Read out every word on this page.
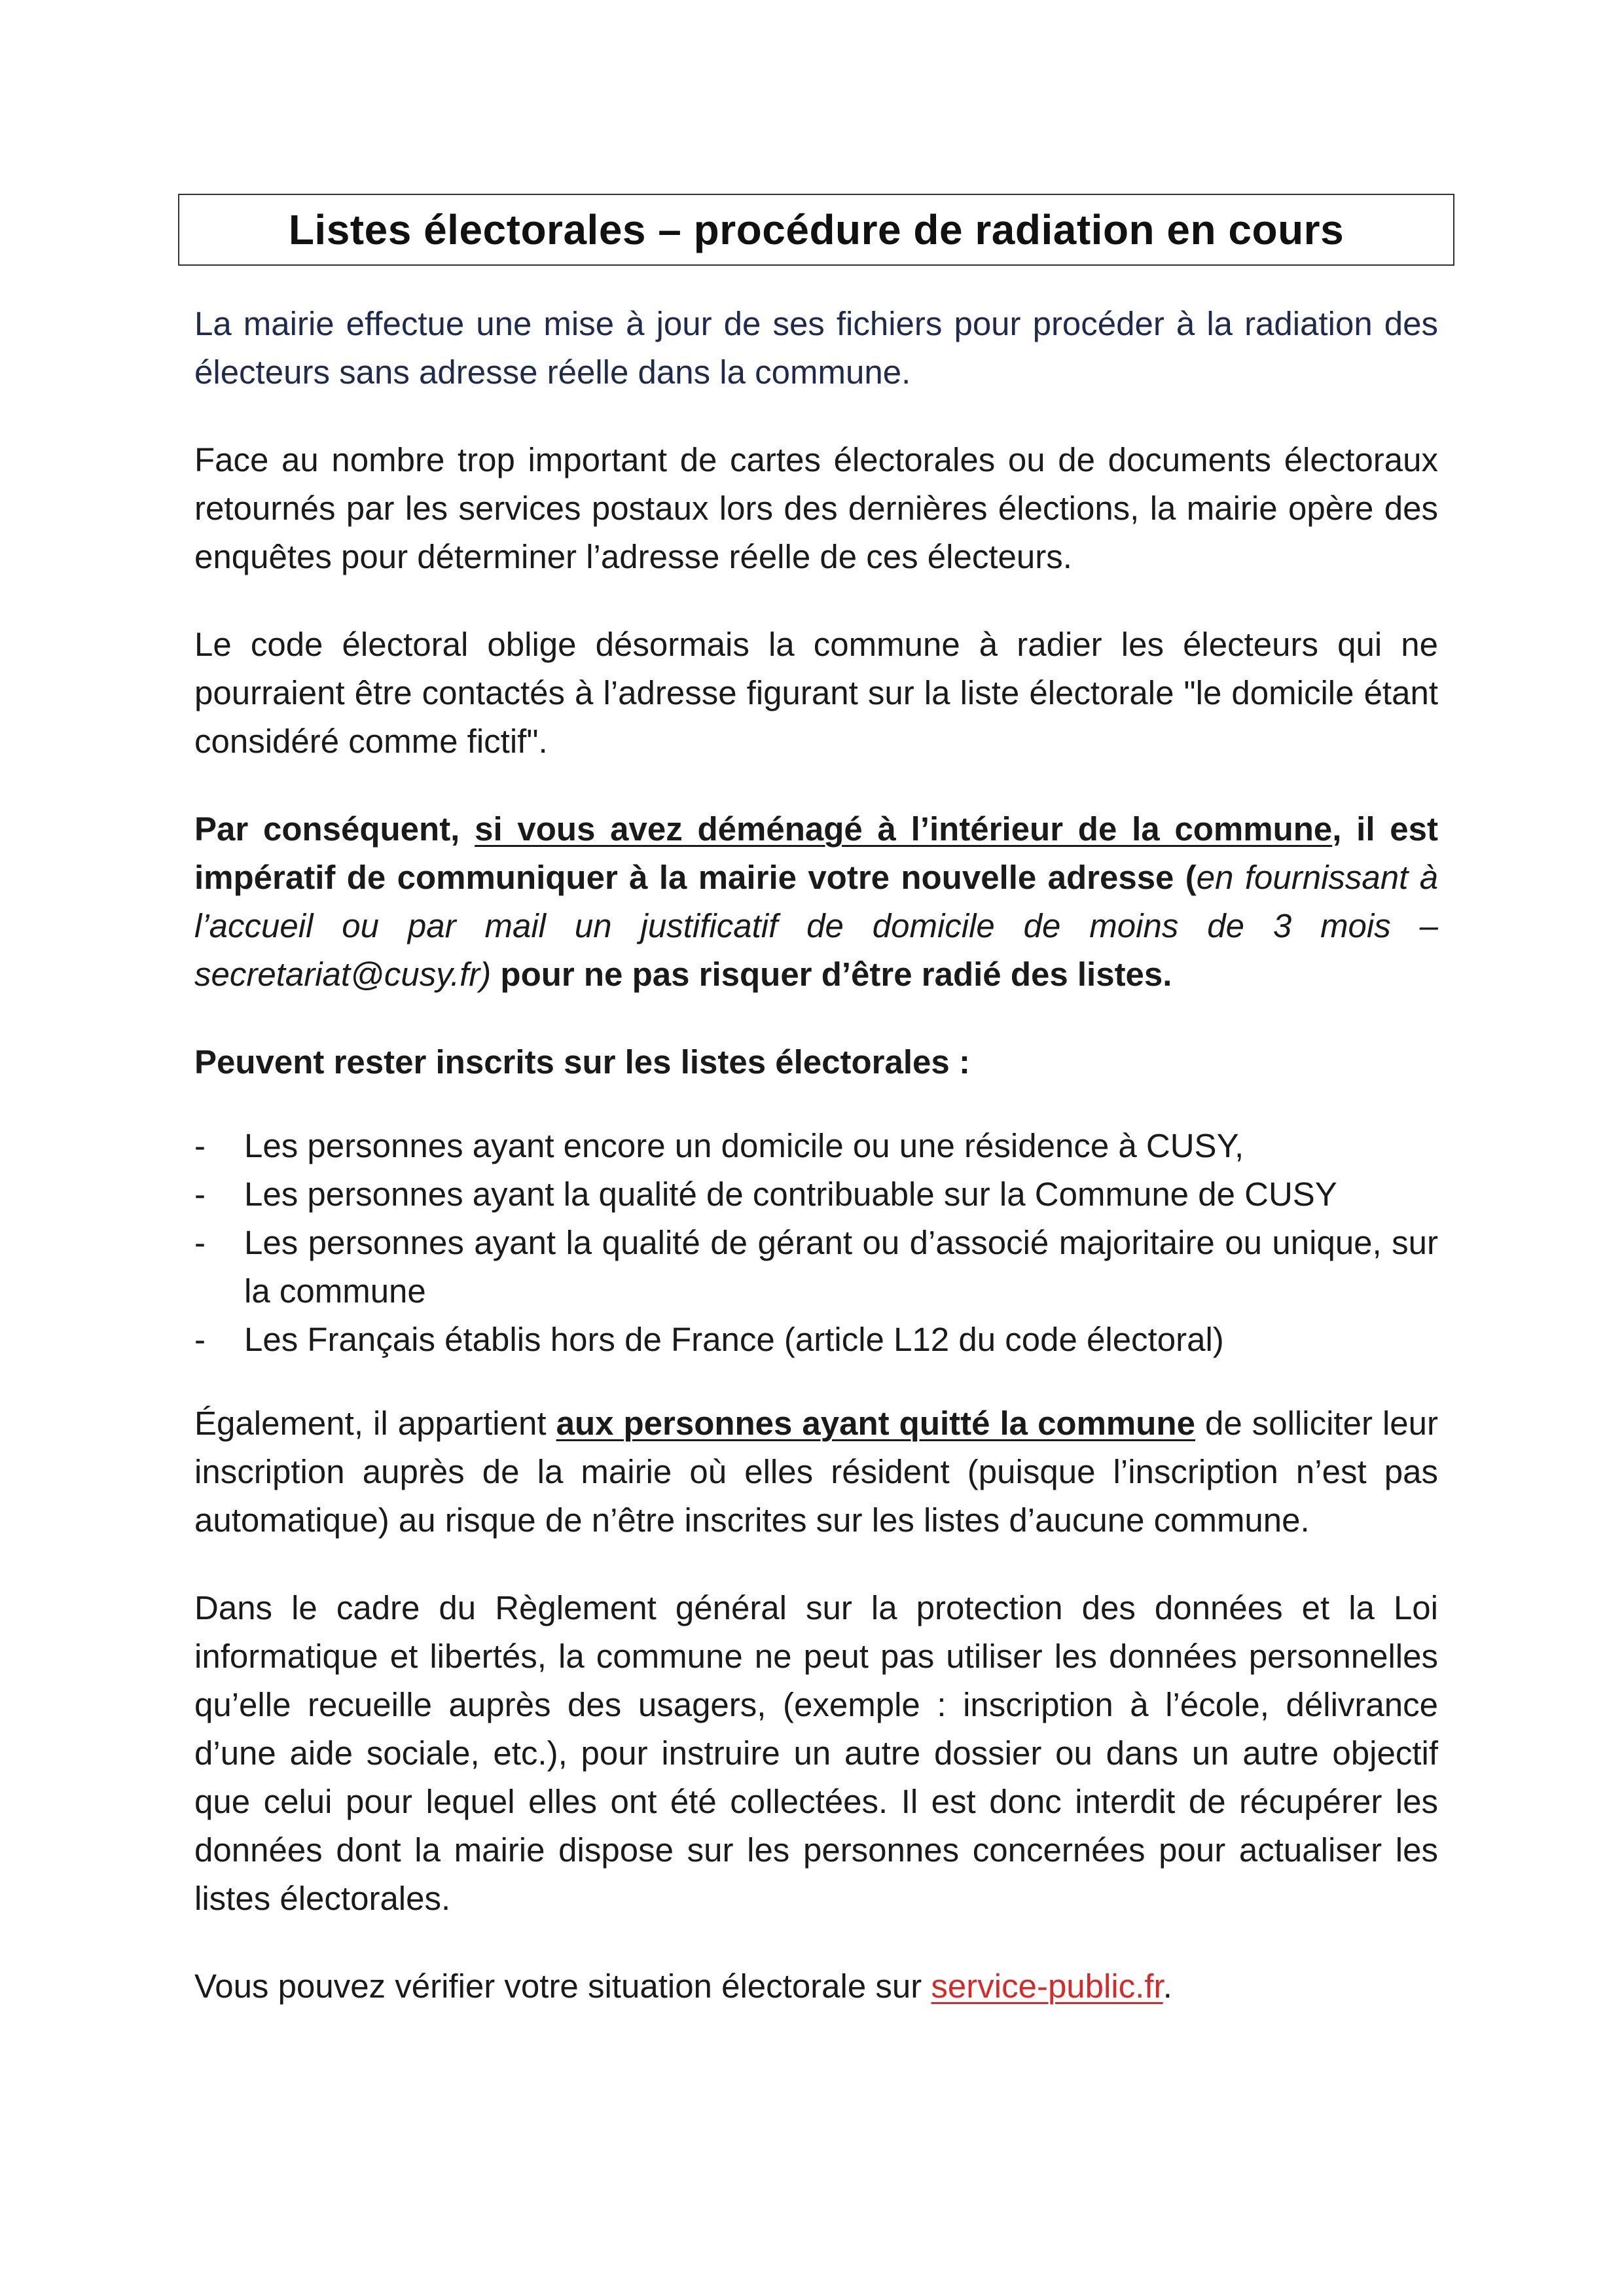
Listes électorales – procédure de radiation en cours

La mairie effectue une mise à jour de ses fichiers pour procéder à la radiation des électeurs sans adresse réelle dans la commune.

Face au nombre trop important de cartes électorales ou de documents électoraux retournés par les services postaux lors des dernières élections, la mairie opère des enquêtes pour déterminer l’adresse réelle de ces électeurs.

Le code électoral oblige désormais la commune à radier les électeurs qui ne pourraient être contactés à l’adresse figurant sur la liste électorale "le domicile étant considéré comme fictif".

Par conséquent, si vous avez déménagé à l’intérieur de la commune, il est impératif de communiquer à la mairie votre nouvelle adresse (en fournissant à l’accueil ou par mail un justificatif de domicile de moins de 3 mois – secretariat@cusy.fr) pour ne pas risquer d’être radié des listes.

Peuvent rester inscrits sur les listes électorales :

- Les personnes ayant encore un domicile ou une résidence à CUSY,
- Les personnes ayant la qualité de contribuable sur la Commune de CUSY
- Les personnes ayant la qualité de gérant ou d’associé majoritaire ou unique, sur la commune
- Les Français établis hors de France (article L12 du code électoral)

Également, il appartient aux personnes ayant quitté la commune de solliciter leur inscription auprès de la mairie où elles résident (puisque l’inscription n’est pas automatique) au risque de n’être inscrites sur les listes d’aucune commune.

Dans le cadre du Règlement général sur la protection des données et la Loi informatique et libertés, la commune ne peut pas utiliser les données personnelles qu’elle recueille auprès des usagers, (exemple : inscription à l’école, délivrance d’une aide sociale, etc.), pour instruire un autre dossier ou dans un autre objectif que celui pour lequel elles ont été collectées. Il est donc interdit de récupérer les données dont la mairie dispose sur les personnes concernées pour actualiser les listes électorales.

Vous pouvez vérifier votre situation électorale sur service-public.fr.
